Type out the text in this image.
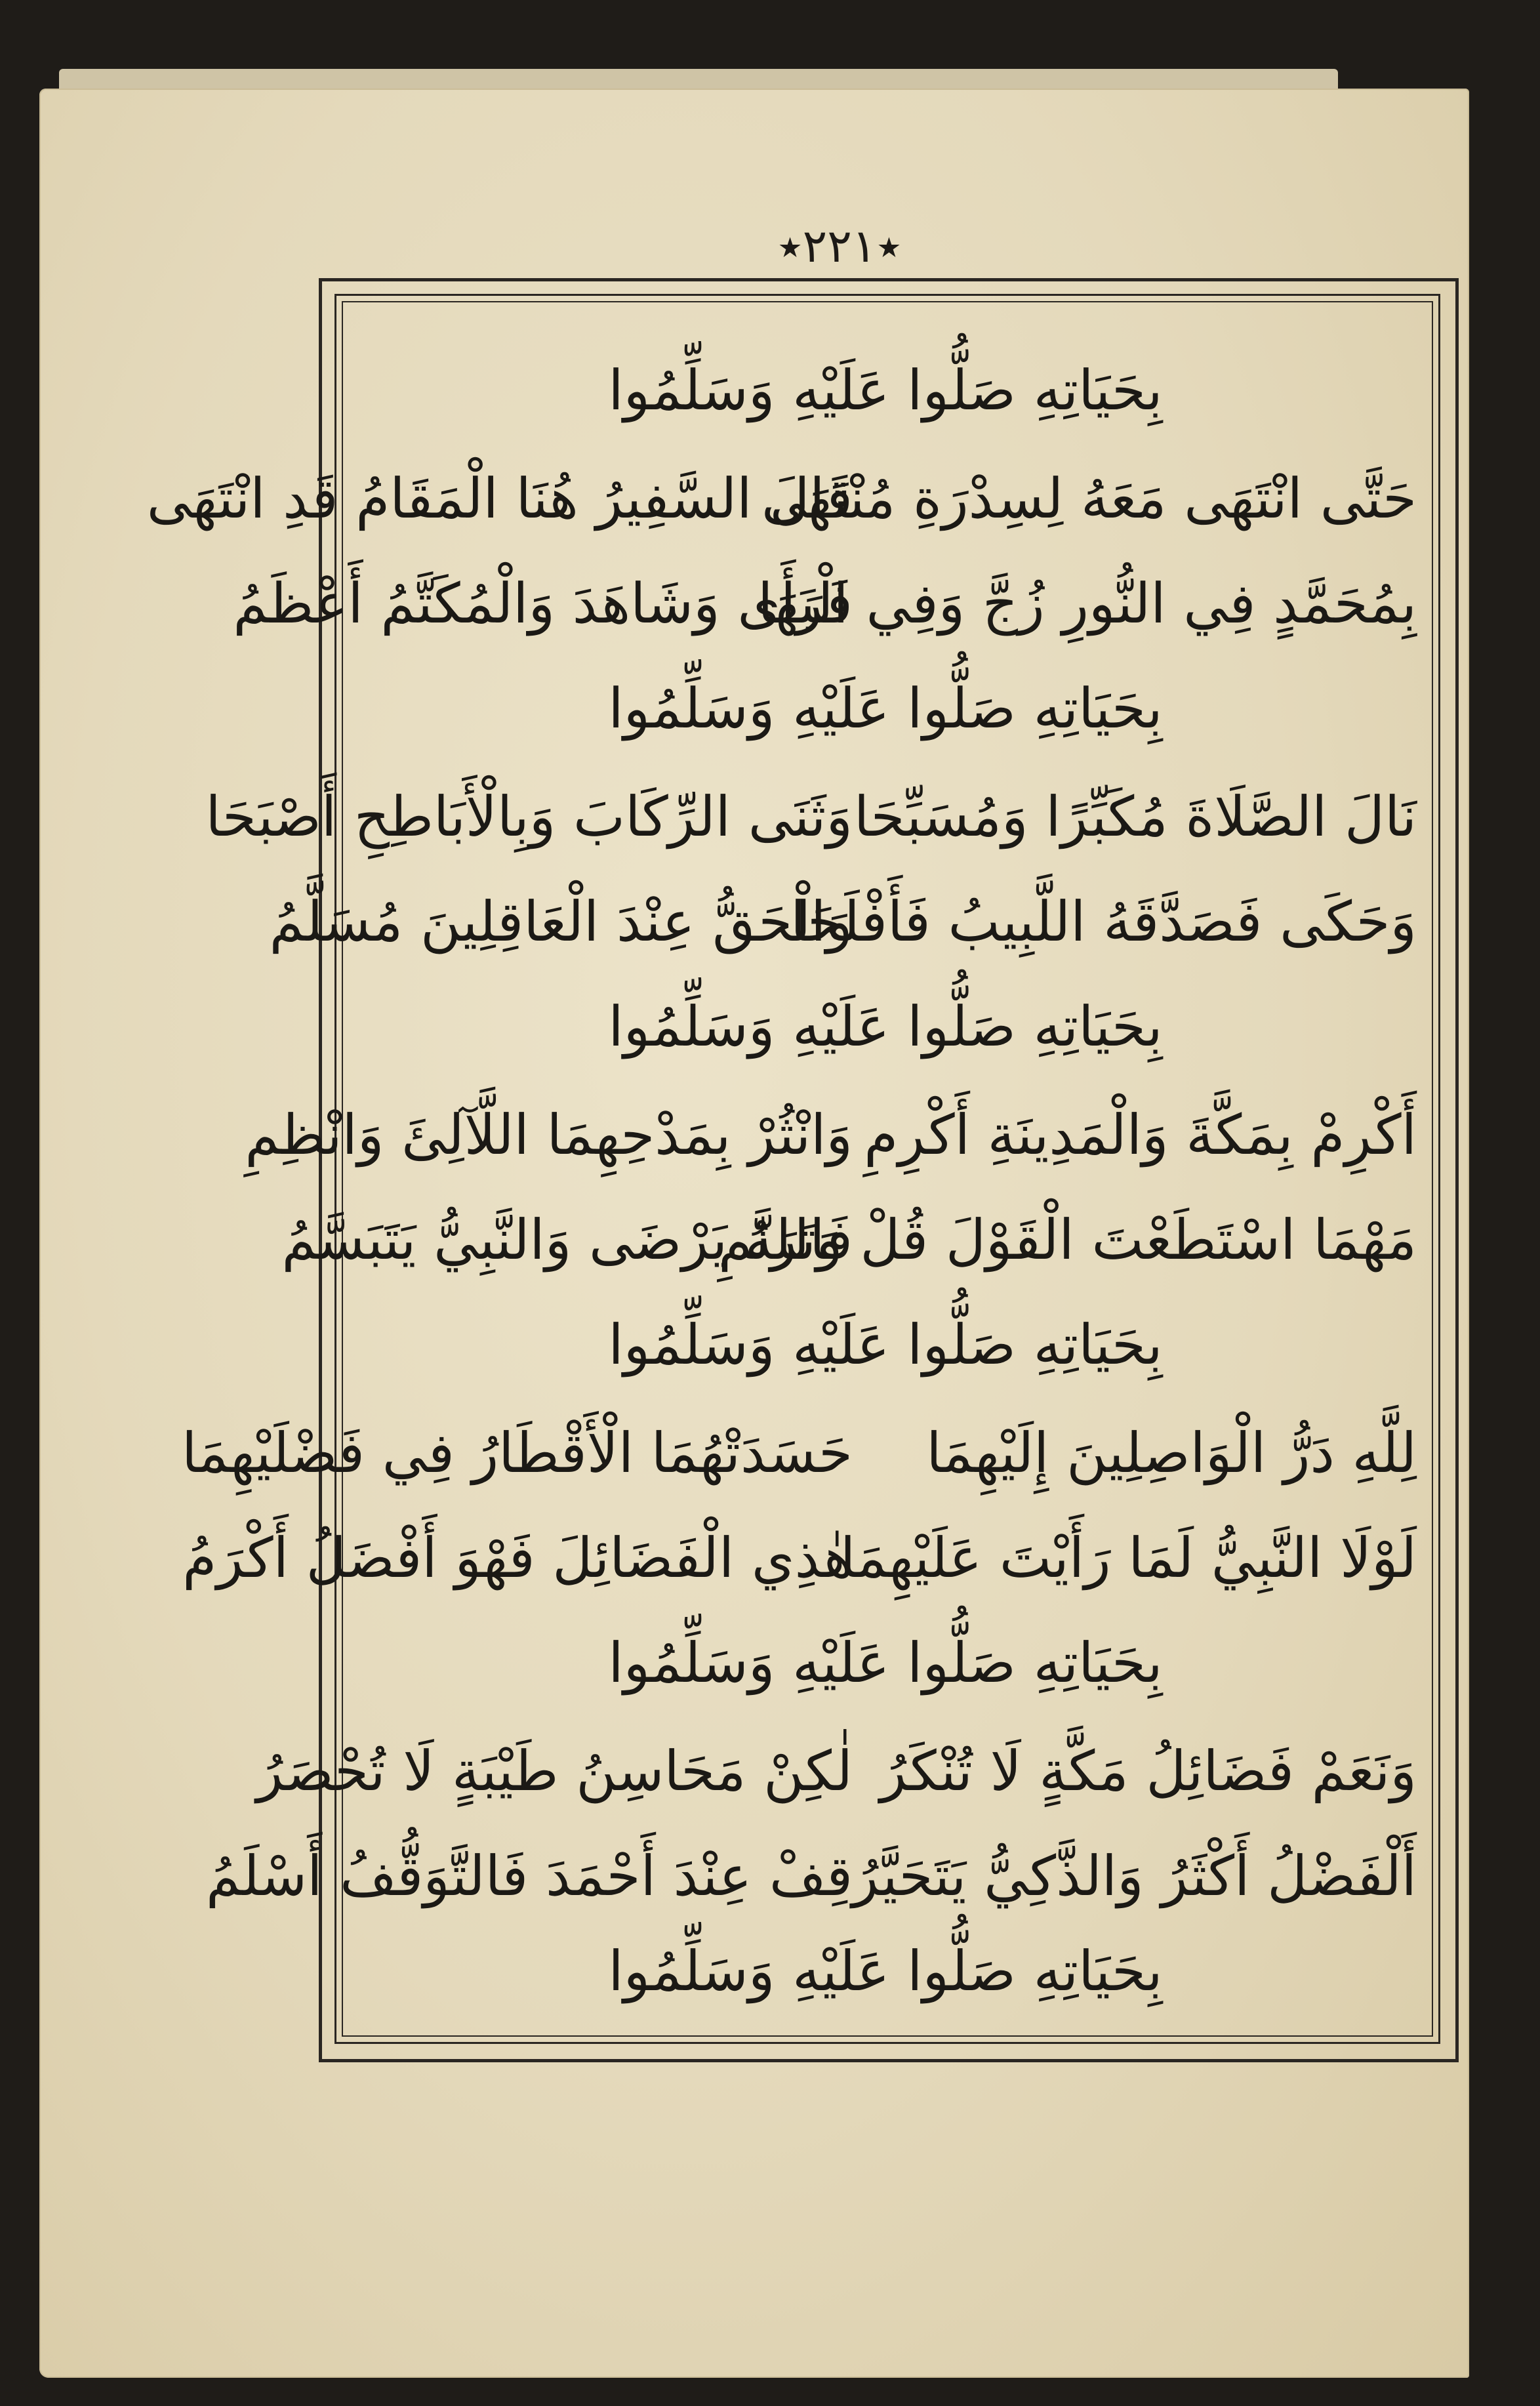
٭٢٢١٭
بِحَيَاتِهِ صَلُّوا عَلَيْهِ وَسَلِّمُوا
حَتَّى انْتَهَى مَعَهُ لِسِدْرَةِ مُنْتَهَى
قَالَ السَّفِيرُ هُنَا الْمَقَامُ قَدِ انْتَهَى
بِمُحَمَّدٍ فِي النُّورِ زُجَّ وَفِي الْبَهَا
فَرَأَى وَشَاهَدَ وَالْمُكَتَّمُ أَعْظَمُ
بِحَيَاتِهِ صَلُّوا عَلَيْهِ وَسَلِّمُوا
نَالَ الصَّلَاةَ مُكَبِّرًا وَمُسَبِّحَا
وَثَنَى الرِّكَابَ وَبِالْأَبَاطِحِ أَصْبَحَا
وَحَكَى فَصَدَّقَهُ اللَّبِيبُ فَأَفْلَحَا
وَالْحَقُّ عِنْدَ الْعَاقِلِينَ مُسَلَّمُ
بِحَيَاتِهِ صَلُّوا عَلَيْهِ وَسَلِّمُوا
أَكْرِمْ بِمَكَّةَ وَالْمَدِينَةِ أَكْرِمِ
وَانْثُرْ بِمَدْحِهِمَا اللَّآلِئَ وَانْظِمِ
مَهْمَا اسْتَطَعْتَ الْقَوْلَ قُلْ وَتَرَنَّمِ
فَاللهُ يَرْضَى وَالنَّبِيُّ يَتَبَسَّمُ
بِحَيَاتِهِ صَلُّوا عَلَيْهِ وَسَلِّمُوا
لِلَّهِ دَرُّ الْوَاصِلِينَ إِلَيْهِمَا
حَسَدَتْهُمَا الْأَقْطَارُ فِي فَضْلَيْهِمَا
لَوْلَا النَّبِيُّ لَمَا رَأَيْتَ عَلَيْهِمَا
هٰذِي الْفَضَائِلَ فَهْوَ أَفْضَلُ أَكْرَمُ
بِحَيَاتِهِ صَلُّوا عَلَيْهِ وَسَلِّمُوا
وَنَعَمْ فَضَائِلُ مَكَّةٍ لَا تُنْكَرُ
لٰكِنْ مَحَاسِنُ طَيْبَةٍ لَا تُحْصَرُ
أَلْفَضْلُ أَكْثَرُ وَالذَّكِيُّ يَتَحَيَّرُ
قِفْ عِنْدَ أَحْمَدَ فَالتَّوَقُّفُ أَسْلَمُ
بِحَيَاتِهِ صَلُّوا عَلَيْهِ وَسَلِّمُوا
